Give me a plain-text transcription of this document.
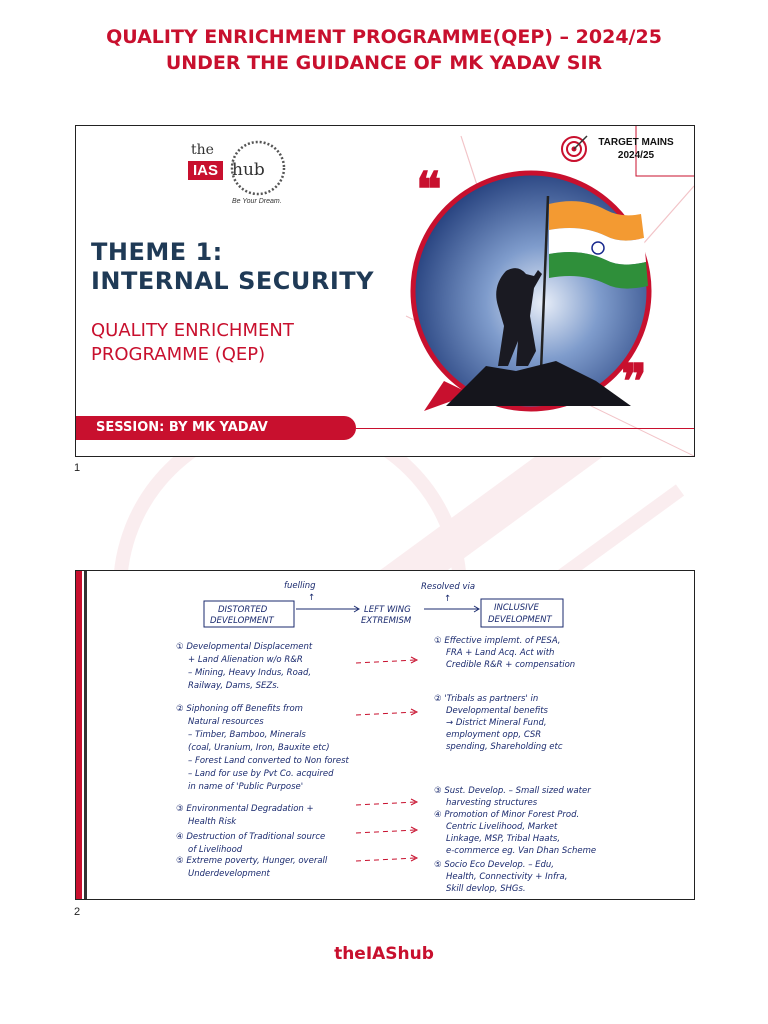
QUALITY ENRICHMENT PROGRAMME(QEP) – 2024/25
UNDER THE GUIDANCE OF MK YADAV SIR
the
IAS hub
Be Your Dream.
TARGET MAINS
2024/25
THEME 1:
INTERNAL SECURITY
QUALITY ENRICHMENT
PROGRAMME (QEP)
❝
❞
SESSION: BY MK YADAV
1
fuelling
↑
Resolved via
↑
DISTORTED
DEVELOPMENT
LEFT WING
EXTREMISM
INCLUSIVE
DEVELOPMENT
① Developmental Displacement
+ Land Alienation w/o R&R
– Mining, Heavy Indus, Road,
Railway, Dams, SEZs.
② Siphoning off Benefits from
Natural resources
– Timber, Bamboo, Minerals
(coal, Uranium, Iron, Bauxite etc)
– Forest Land converted to Non forest
– Land for use by Pvt Co. acquired
in name of 'Public Purpose'
③ Environmental Degradation +
Health Risk
④ Destruction of Traditional source
of Livelihood
⑤ Extreme poverty, Hunger, overall
Underdevelopment
① Effective implemt. of PESA,
FRA + Land Acq. Act with
Credible R&R + compensation
② 'Tribals as partners' in
Developmental benefits
→ District Mineral Fund,
employment opp, CSR
spending, Shareholding etc
③ Sust. Develop. – Small sized water
harvesting structures
④ Promotion of Minor Forest Prod.
Centric Livelihood, Market
Linkage, MSP, Tribal Haats,
e-commerce eg. Van Dhan Scheme
⑤ Socio Eco Develop. – Edu,
Health, Connectivity + Infra,
Skill devlop, SHGs.
2
theIAShub
